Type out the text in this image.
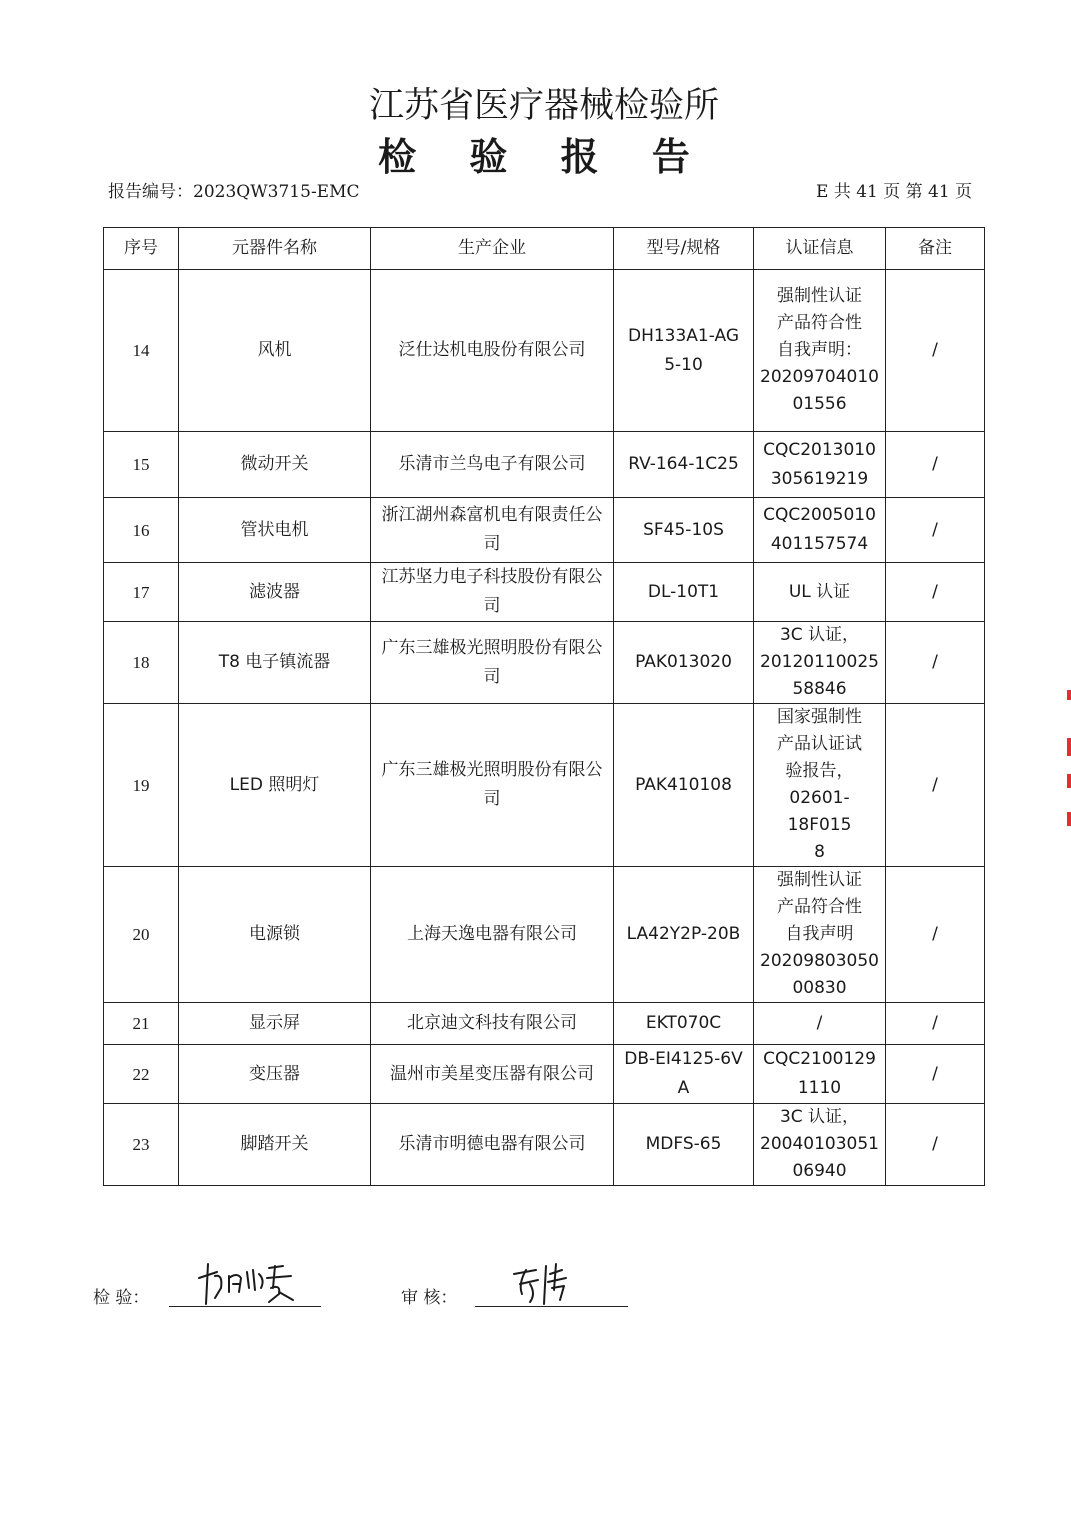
江苏省医疗器械检验所
检 验 报 告
报告编号：2023QW3715-EMC	E 共 41 页 第 41 页
序号	元器件名称	生产企业	型号/规格	认证信息	备注
14	风机	泛仕达机电股份有限公司	DH133A1-AG
5-10	强制性认证
产品符合性
自我声明：
20209704010
01556	/
15	微动开关	乐清市兰鸟电子有限公司	RV-164-1C25	CQC2013010
305619219	/
16	管状电机	浙江湖州森富机电有限责任公司	SF45-10S	CQC2005010
401157574	/
17	滤波器	江苏坚力电子科技股份有限公司	DL-10T1	UL 认证	/
18	T8 电子镇流器	广东三雄极光照明股份有限公司	PAK013020	3C 认证，
20120110025
58846	/
19	LED 照明灯	广东三雄极光照明股份有限公司	PAK410108	国家强制性
产品认证试
验报告，
02601-18F015
8	/
20	电源锁	上海天逸电器有限公司	LA42Y2P-20B	强制性认证
产品符合性
自我声明
20209803050
00830	/
21	显示屏	北京迪文科技有限公司	EKT070C	/	/
22	变压器	温州市美星变压器有限公司	DB-EI4125-6V
A	CQC2100129
1110	/
23	脚踏开关	乐清市明德电器有限公司	MDFS-65	3C 认证，
20040103051
06940	/
检 验：	审 核：
